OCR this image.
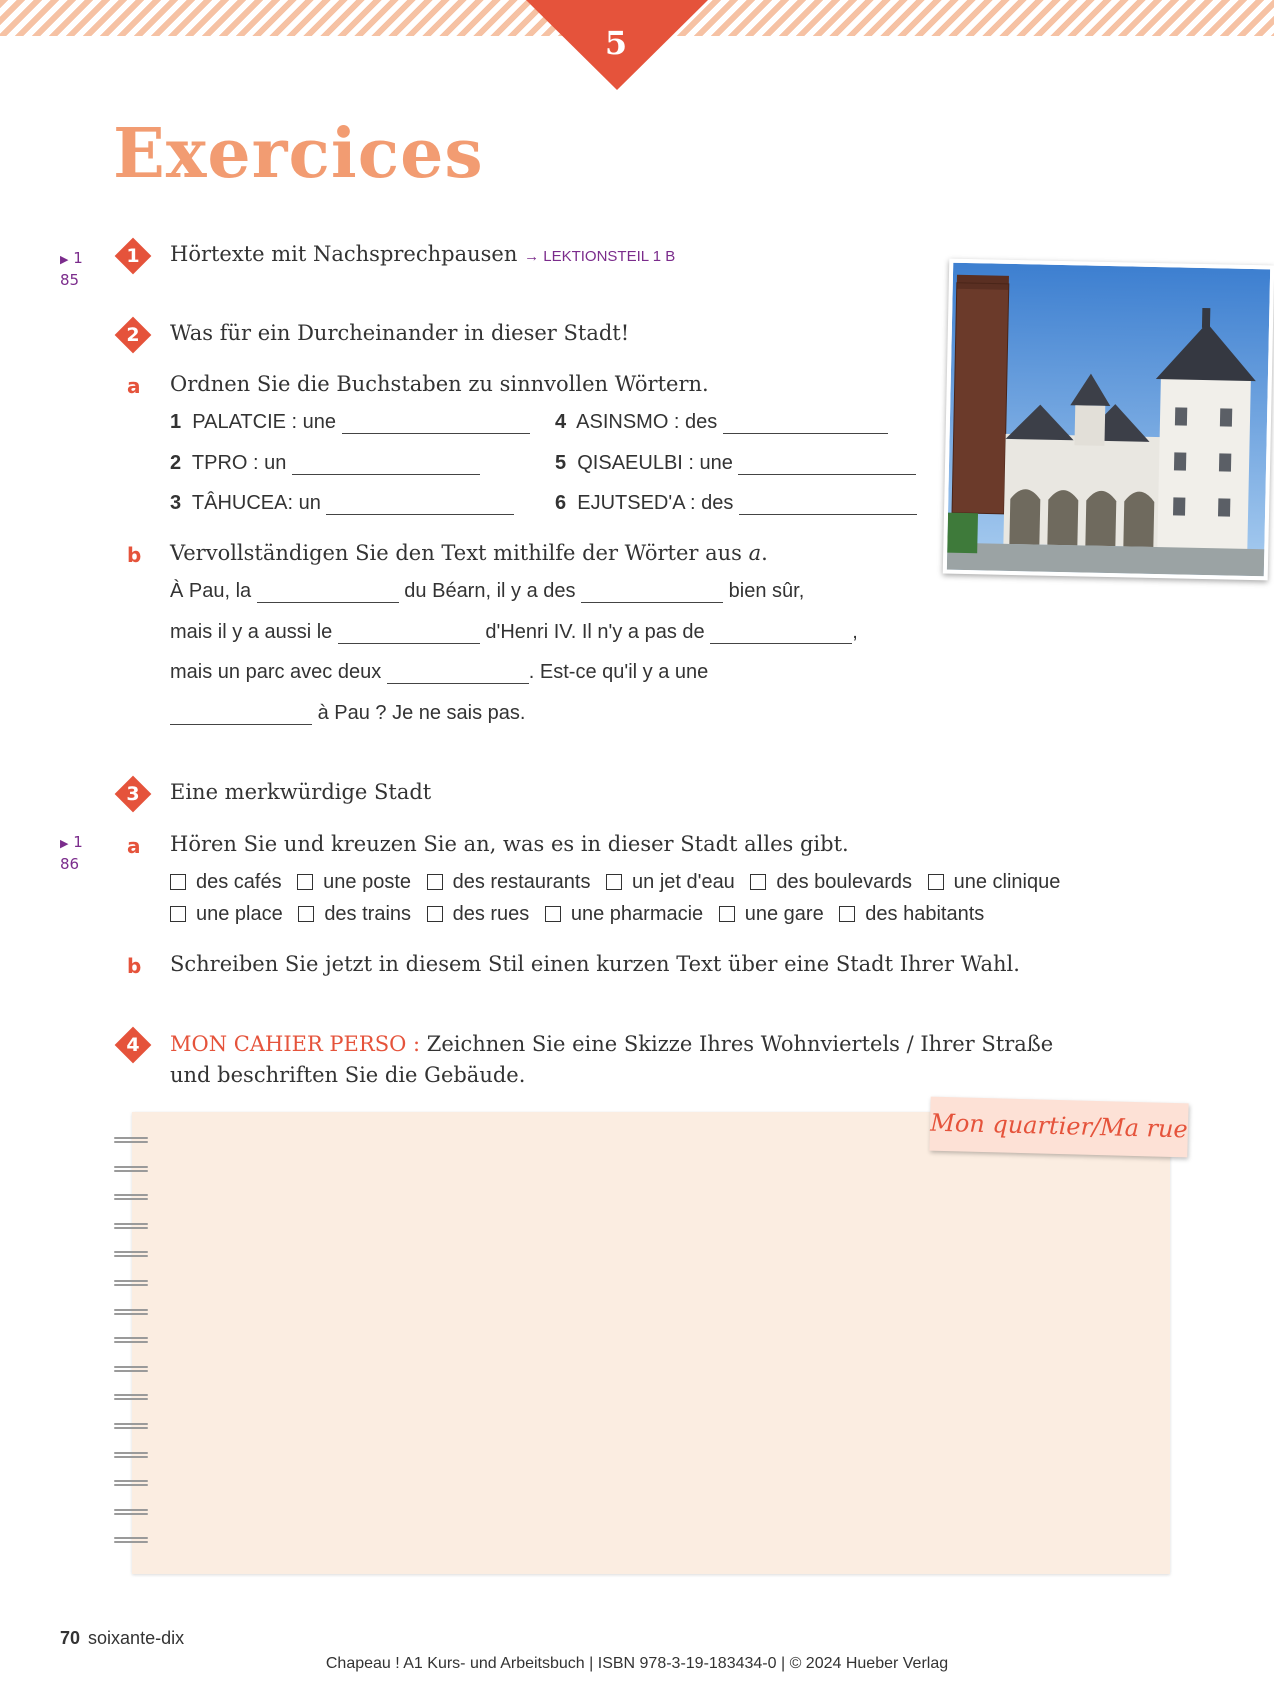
5
Exercices
▶ 1
85
1	Hörtexte mit Nachsprechpausen → LEKTIONSTEIL 1 B
2	Was für ein Durcheinander in dieser Stadt!
a Ordnen Sie die Buchstaben zu sinnvollen Wörtern.
1 PALATCIE : une
2 TPRO : un
3 TÂHUCEA: un
4 ASINSMO : des
5 QISAEULBI : une
6 EJUTSED'A : des
b Vervollständigen Sie den Text mithilfe der Wörter aus a.
À Pau, la	du Béarn, il y a des	bien sûr,
mais il y a aussi le	d'Henri IV. Il n'y a pas de	,
mais un parc avec deux	. Est-ce qu'il y a une
à Pau ? Je ne sais pas.
3	Eine merkwürdige Stadt
▶ 1
86
a Hören Sie und kreuzen Sie an, was es in dieser Stadt alles gibt.
des cafés une poste des restaurants un jet d'eau des boulevards une clinique
une place des trains des rues une pharmacie une gare des habitants
b Schreiben Sie jetzt in diesem Stil einen kurzen Text über eine Stadt Ihrer Wahl.
4	MON CAHIER PERSO : Zeichnen Sie eine Skizze Ihres Wohnviertels / Ihrer Straße
und beschriften Sie die Gebäude.
Mon quartier/Ma rue
70 soixante-dix
Chapeau ! A1 Kurs- und Arbeitsbuch | ISBN 978-3-19-183434-0 | © 2024 Hueber Verlag
